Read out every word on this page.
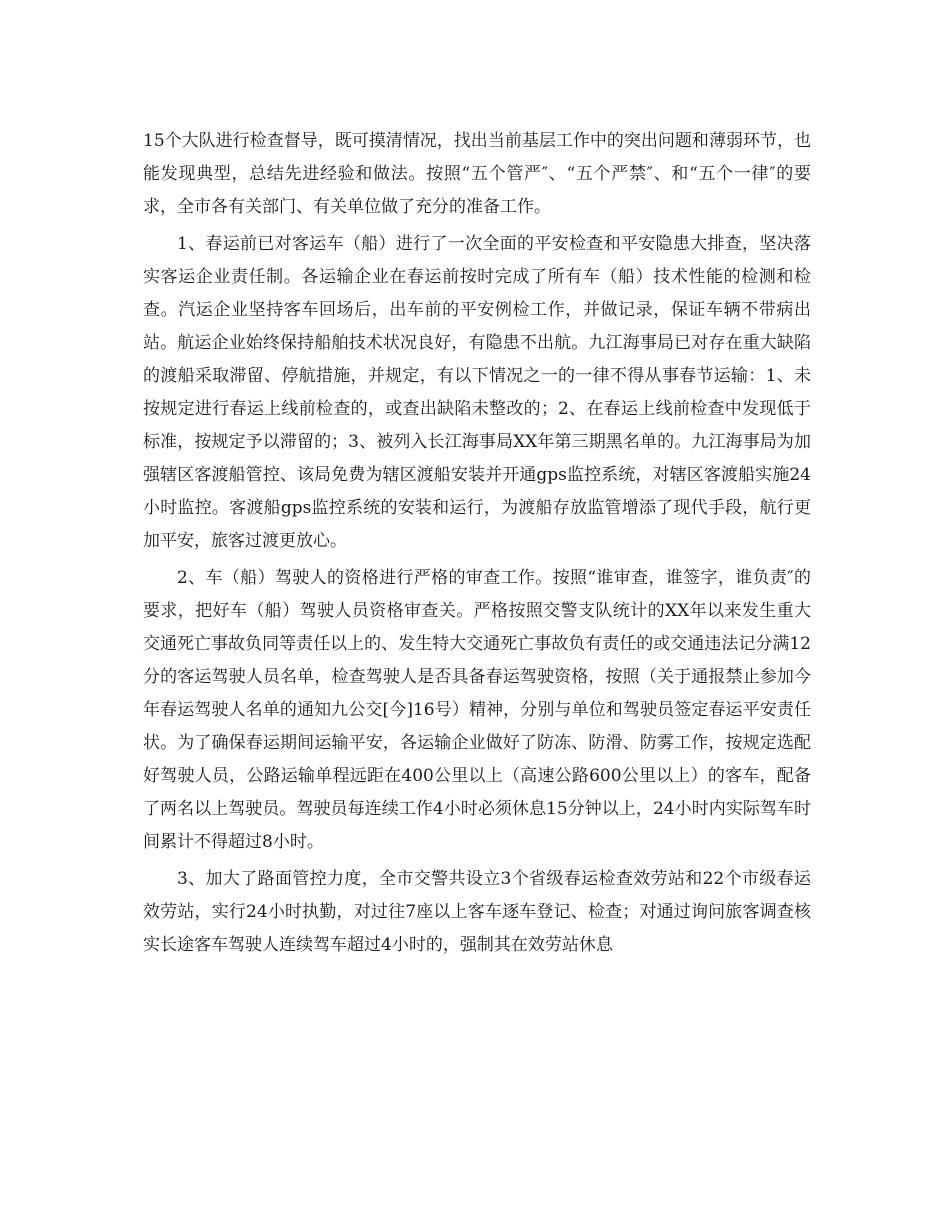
15个大队进行检查督导，既可摸清情况，找出当前基层工作中的突出问题和薄弱环节，也能发现典型，总结先进经验和做法。按照“五个管严″、“五个严禁″、和“五个一律″的要求，全市各有关部门、有关单位做了充分的准备工作。

1、春运前已对客运车（船）进行了一次全面的平安检查和平安隐患大排查，坚决落实客运企业责任制。各运输企业在春运前按时完成了所有车（船）技术性能的检测和检查。汽运企业坚持客车回场后，出车前的平安例检工作，并做记录，保证车辆不带病出站。航运企业始终保持船舶技术状况良好，有隐患不出航。九江海事局已对存在重大缺陷的渡船采取滞留、停航措施，并规定，有以下情况之一的一律不得从事春节运输：1、未按规定进行春运上线前检查的，或查出缺陷未整改的；2、在春运上线前检查中发现低于标准，按规定予以滞留的；3、被列入长江海事局XX年第三期黑名单的。九江海事局为加强辖区客渡船管控、该局免费为辖区渡船安装并开通gps监控系统，对辖区客渡船实施24小时监控。客渡船gps监控系统的安装和运行，为渡船存放监管增添了现代手段，航行更加平安，旅客过渡更放心。

2、车（船）驾驶人的资格进行严格的审查工作。按照“谁审查，谁签字，谁负责″的要求，把好车（船）驾驶人员资格审查关。严格按照交警支队统计的XX年以来发生重大交通死亡事故负同等责任以上的、发生特大交通死亡事故负有责任的或交通违法记分满12分的客运驾驶人员名单，检查驾驶人是否具备春运驾驶资格，按照（关于通报禁止参加今年春运驾驶人名单的通知九公交[今]16号）精神，分别与单位和驾驶员签定春运平安责任状。为了确保春运期间运输平安，各运输企业做好了防冻、防滑、防雾工作，按规定选配好驾驶人员，公路运输单程远距在400公里以上（高速公路600公里以上）的客车，配备了两名以上驾驶员。驾驶员每连续工作4小时必须休息15分钟以上，24小时内实际驾车时间累计不得超过8小时。

3、加大了路面管控力度，全市交警共设立3个省级春运检查效劳站和22个市级春运效劳站，实行24小时执勤，对过往7座以上客车逐车登记、检查；对通过询问旅客调查核实长途客车驾驶人连续驾车超过4小时的，强制其在效劳站休息
